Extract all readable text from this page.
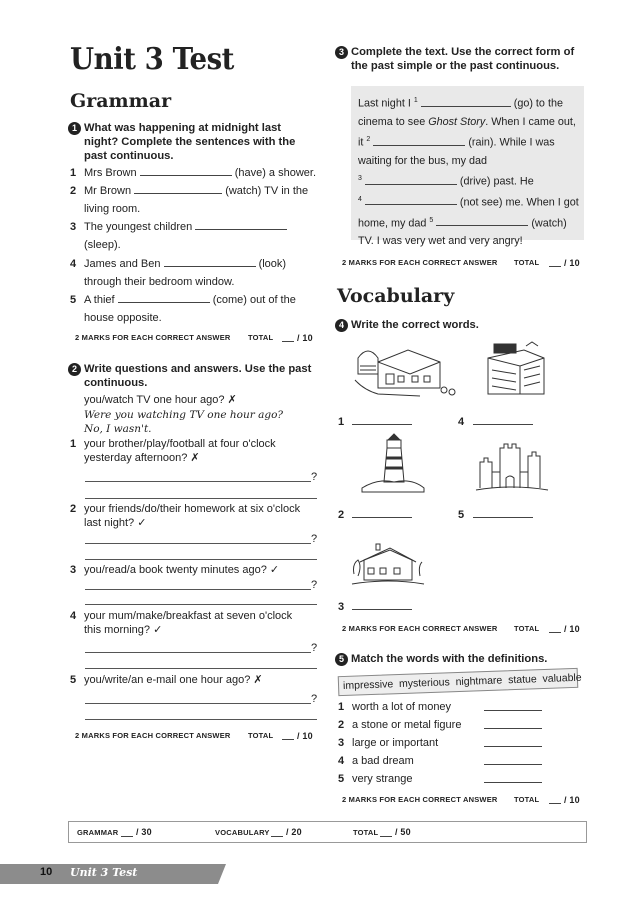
Unit 3 Test
Grammar
1 What was happening at midnight last night? Complete the sentences with the past continuous.
1 Mrs Brown	(have) a shower.
2 Mr Brown	(watch) TV in the
living room.
3 The youngest children
(sleep).
4 James and Ben	(look)
through their bedroom window.
5 A thief	(come) out of the
house opposite.
2 MARKS FOR EACH CORRECT ANSWER TOTAL	/ 10
2 Write questions and answers. Use the past continuous.
you/watch TV one hour ago? ✗
Were you watching TV one hour ago?
No, I wasn't.
1 your brother/play/football at four o'clock yesterday afternoon? ✗
?
2 your friends/do/their homework at six o'clock last night? ✓
?
3 you/read/a book twenty minutes ago? ✓
?
4 your mum/make/breakfast at seven o'clock this morning? ✓
?
5 you/write/an e-mail one hour ago? ✗
?
2 MARKS FOR EACH CORRECT ANSWER TOTAL	/ 10
3 Complete the text. Use the correct form of the past simple or the past continuous.
Last night I $^1$	(go) to the
cinema to see Ghost Story. When I came out,
it $^2$	(rain). While I was
waiting for the bus, my dad
$^3$	(drive) past. He
$^4$	(not see) me. When I got
home, my dad $^5$	(watch)
TV. I was very wet and very angry!
2 MARKS FOR EACH CORRECT ANSWER TOTAL	/ 10
Vocabulary
4 Write the correct words.
1	4
2	5
3
2 MARKS FOR EACH CORRECT ANSWER TOTAL	/ 10
5 Match the words with the definitions.
impressive  mysterious  nightmare  statue  valuable
1 worth a lot of money
2 a stone or metal figure
3 large or important
4 a bad dream
5 very strange
2 MARKS FOR EACH CORRECT ANSWER TOTAL	/ 10
GRAMMAR / 30	VOCABULARY / 20	TOTAL / 50
10 Unit 3 Test
